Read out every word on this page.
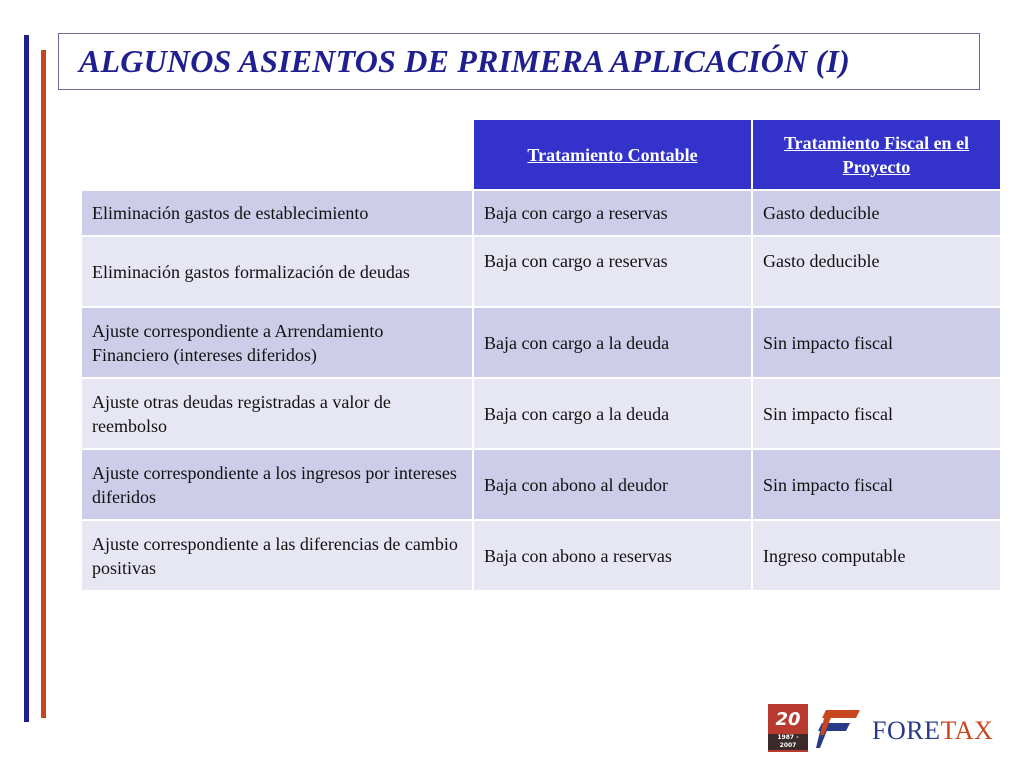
ALGUNOS ASIENTOS DE PRIMERA APLICACIÓN (I)
	Tratamiento Contable	Tratamiento Fiscal en el Proyecto
Eliminación gastos de establecimiento	Baja con cargo a reservas	Gasto deducible
Eliminación gastos formalización de deudas	Baja con cargo a reservas	Gasto deducible
Ajuste correspondiente a Arrendamiento Financiero (intereses diferidos)	Baja con cargo a la deuda	Sin impacto fiscal
Ajuste otras deudas registradas a valor de reembolso	Baja con cargo a la deuda	Sin impacto fiscal
Ajuste correspondiente a los ingresos por intereses diferidos	Baja con abono al deudor	Sin impacto fiscal
Ajuste correspondiente a las diferencias de cambio positivas	Baja con abono a reservas	Ingreso computable
20
1987 - 2007
FORETAX
